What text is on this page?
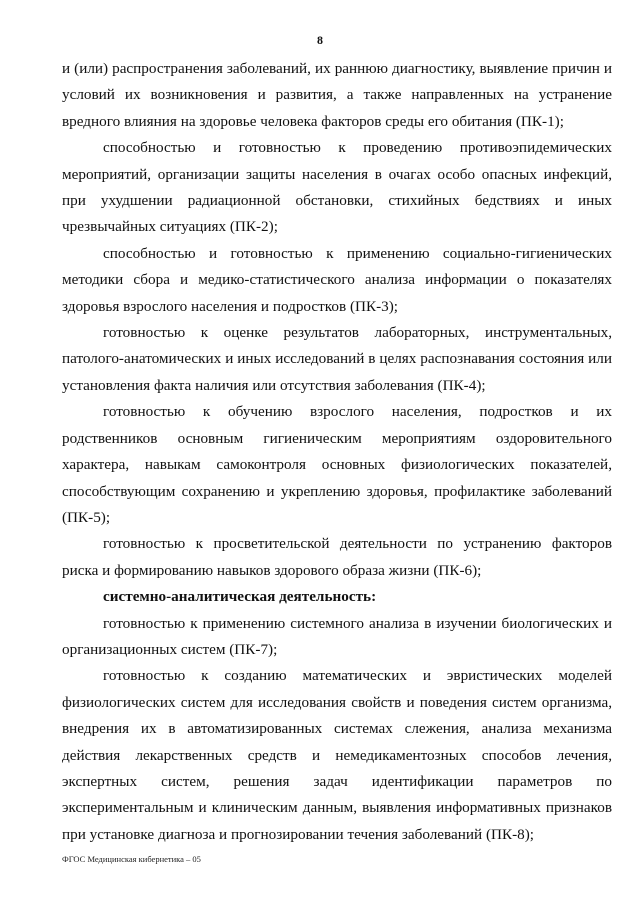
8

и (или) распространения заболеваний, их раннюю диагностику, выявление причин и условий их возникновения и развития, а также направленных на устранение вредного влияния на здоровье человека факторов среды его обитания (ПК-1);

способностью и готовностью к проведению противоэпидемических мероприятий, организации защиты населения в очагах особо опасных инфекций, при ухудшении радиационной обстановки, стихийных бедствиях и иных чрезвычайных ситуациях (ПК-2);

способностью и готовностью к применению социально-гигиенических методики сбора и медико-статистического анализа информации о показателях здоровья взрослого населения и подростков (ПК-3);

готовностью к оценке результатов лабораторных, инструментальных, патолого-анатомических и иных исследований в целях распознавания состояния или установления факта наличия или отсутствия заболевания (ПК-4);

готовностью к обучению взрослого населения, подростков и их родственников основным гигиеническим мероприятиям оздоровительного характера, навыкам самоконтроля основных физиологических показателей, способствующим сохранению и укреплению здоровья, профилактике заболеваний (ПК-5);

готовностью к просветительской деятельности по устранению факторов риска и формированию навыков здорового образа жизни (ПК-6);

системно-аналитическая деятельность:

готовностью к применению системного анализа в изучении биологических и организационных систем (ПК-7);

готовностью к созданию математических и эвристических моделей физиологических систем для исследования свойств и поведения систем организма, внедрения их в автоматизированных системах слежения, анализа механизма действия лекарственных средств и немедикаментозных способов лечения, экспертных систем, решения задач идентификации параметров по экспериментальным и клиническим данным, выявления информативных признаков при установке диагноза и прогнозировании течения заболеваний (ПК-8);

ФГОС Медицинская кибернетика – 05
